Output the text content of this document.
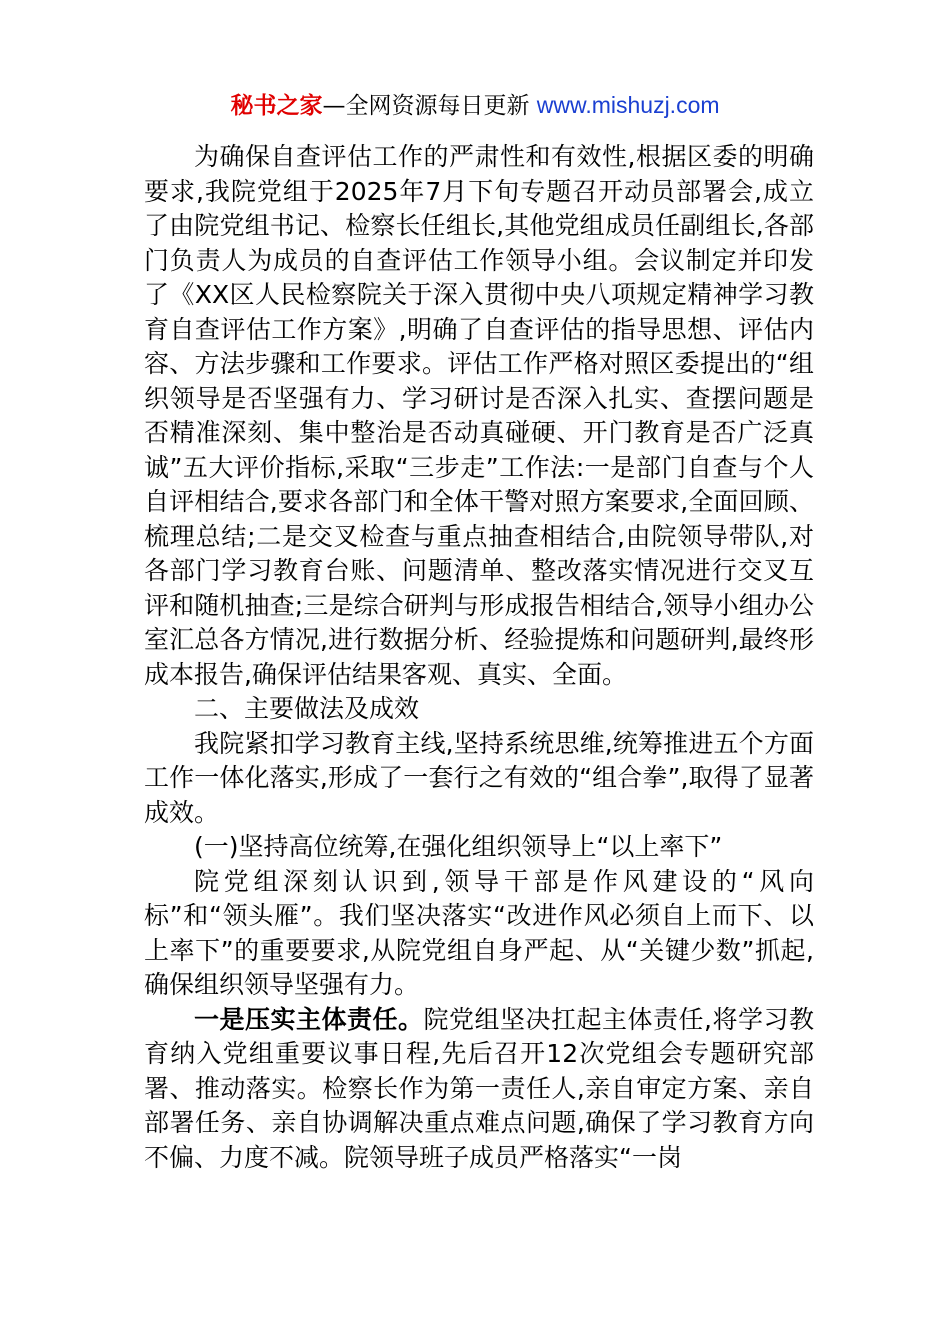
秘书之家—全网资源每日更新 www.mishuzj.com

为确保自查评估工作的严肃性和有效性,根据区委的明确要求,我院党组于2025年7月下旬专题召开动员部署会,成立了由院党组书记、检察长任组长,其他党组成员任副组长,各部门负责人为成员的自查评估工作领导小组。会议制定并印发了《XX区人民检察院关于深入贯彻中央八项规定精神学习教育自查评估工作方案》,明确了自查评估的指导思想、评估内容、方法步骤和工作要求。评估工作严格对照区委提出的“组织领导是否坚强有力、学习研讨是否深入扎实、查摆问题是否精准深刻、集中整治是否动真碰硬、开门教育是否广泛真诚”五大评价指标,采取“三步走”工作法:一是部门自查与个人自评相结合,要求各部门和全体干警对照方案要求,全面回顾、梳理总结;二是交叉检查与重点抽查相结合,由院领导带队,对各部门学习教育台账、问题清单、整改落实情况进行交叉互评和随机抽查;三是综合研判与形成报告相结合,领导小组办公室汇总各方情况,进行数据分析、经验提炼和问题研判,最终形成本报告,确保评估结果客观、真实、全面。

二、主要做法及成效

我院紧扣学习教育主线,坚持系统思维,统筹推进五个方面工作一体化落实,形成了一套行之有效的“组合拳”,取得了显著成效。

(一)坚持高位统筹,在强化组织领导上“以上率下”

院党组深刻认识到,领导干部是作风建设的“风向标”和“领头雁”。我们坚决落实“改进作风必须自上而下、以上率下”的重要要求,从院党组自身严起、从“关键少数”抓起,确保组织领导坚强有力。

一是压实主体责任。院党组坚决扛起主体责任,将学习教育纳入党组重要议事日程,先后召开12次党组会专题研究部署、推动落实。检察长作为第一责任人,亲自审定方案、亲自部署任务、亲自协调解决重点难点问题,确保了学习教育方向不偏、力度不减。院领导班子成员严格落实“一岗
